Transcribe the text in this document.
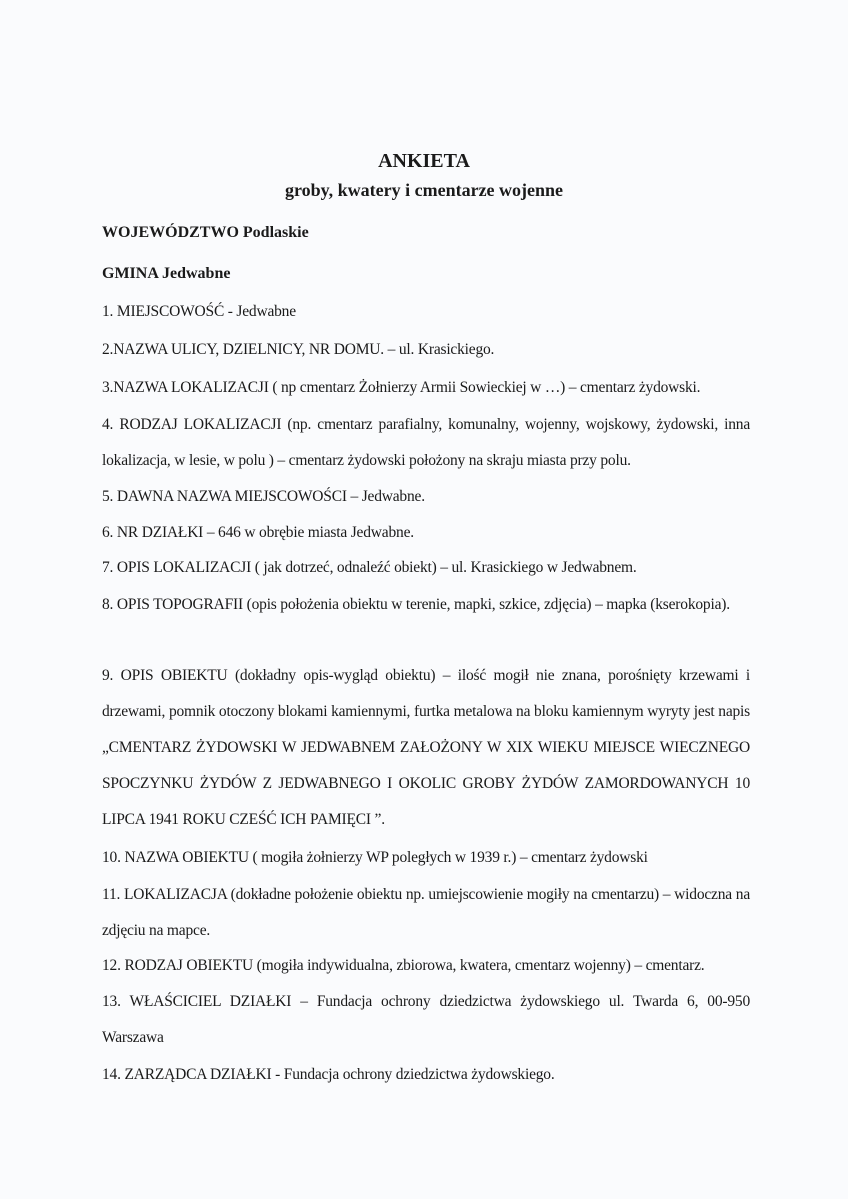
ANKIETA
groby, kwatery i cmentarze wojenne
WOJEWÓDZTWO Podlaskie
GMINA Jedwabne
1. MIEJSCOWOŚĆ - Jedwabne
2.NAZWA ULICY, DZIELNICY, NR DOMU. – ul. Krasickiego.
3.NAZWA LOKALIZACJI ( np cmentarz Żołnierzy Armii Sowieckiej w …) – cmentarz żydowski.
4. RODZAJ LOKALIZACJI (np. cmentarz parafialny, komunalny, wojenny, wojskowy, żydowski, inna lokalizacja, w lesie, w polu ) – cmentarz żydowski położony na skraju miasta przy polu.
5. DAWNA NAZWA MIEJSCOWOŚCI – Jedwabne.
6. NR DZIAŁKI – 646 w obrębie miasta Jedwabne.
7. OPIS LOKALIZACJI ( jak dotrzeć, odnaleźć obiekt) – ul. Krasickiego w Jedwabnem.
8. OPIS TOPOGRAFII (opis położenia obiektu w terenie, mapki, szkice, zdjęcia) – mapka (kserokopia).
9. OPIS OBIEKTU (dokładny opis-wygląd obiektu) – ilość mogił nie znana, porośnięty krzewami i drzewami, pomnik otoczony blokami kamiennymi, furtka metalowa na bloku kamiennym wyryty jest napis „CMENTARZ ŻYDOWSKI W JEDWABNEM ZAŁOŻONY W XIX WIEKU MIEJSCE WIECZNEGO SPOCZYNKU ŻYDÓW Z JEDWABNEGO I OKOLIC GROBY ŻYDÓW ZAMORDOWANYCH 10 LIPCA 1941 ROKU CZEŚĆ ICH PAMIĘCI ”.
10. NAZWA OBIEKTU ( mogiła żołnierzy WP poległych w 1939 r.) – cmentarz żydowski
11. LOKALIZACJA (dokładne położenie obiektu np. umiejscowienie mogiły na cmentarzu) – widoczna na zdjęciu na mapce.
12. RODZAJ OBIEKTU (mogiła indywidualna, zbiorowa, kwatera, cmentarz wojenny) – cmentarz.
13. WŁAŚCICIEL DZIAŁKI – Fundacja ochrony dziedzictwa żydowskiego ul. Twarda 6, 00-950 Warszawa
14. ZARZĄDCA DZIAŁKI - Fundacja ochrony dziedzictwa żydowskiego.
